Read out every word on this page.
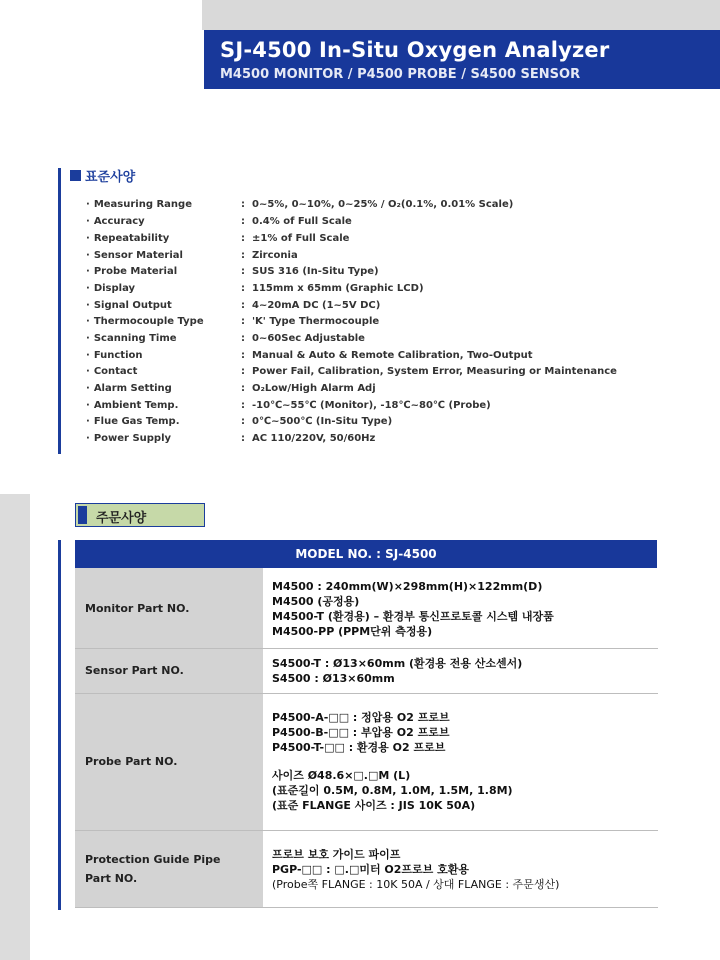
SJ-4500 In-Situ Oxygen Analyzer
M4500 MONITOR / P4500 PROBE / S4500 SENSOR
표준사양
· Measuring Range	: 0~5%, 0~10%, 0~25% / O₂(0.1%, 0.01% Scale)
· Accuracy	: 0.4% of Full Scale
· Repeatability	: ±1% of Full Scale
· Sensor Material	: Zirconia
· Probe Material	: SUS 316 (In-Situ Type)
· Display	: 115mm x 65mm (Graphic LCD)
· Signal Output	: 4~20mA DC (1~5V DC)
· Thermocouple Type	: 'K' Type Thermocouple
· Scanning Time	: 0~60Sec Adjustable
· Function	: Manual & Auto & Remote Calibration, Two-Output
· Contact	: Power Fail, Calibration, System Error, Measuring or Maintenance
· Alarm Setting	: O₂Low/High Alarm Adj
· Ambient Temp.	: -10℃~55℃ (Monitor), -18℃~80℃ (Probe)
· Flue Gas Temp.	: 0℃~500℃ (In-Situ Type)
· Power Supply	: AC 110/220V, 50/60Hz
주문사양
MODEL NO. : SJ-4500
Monitor Part NO.
M4500 : 240mm(W)×298mm(H)×122mm(D)
M4500 (공정용)
M4500-T (환경용) – 환경부 통신프로토콜 시스템 내장품
M4500-PP (PPM단위 측정용)
Sensor Part NO.
S4500-T : Ø13×60mm (환경용 전용 산소센서)
S4500 : Ø13×60mm
Probe Part NO.
P4500-A-□□ : 정압용 O2 프로브
P4500-B-□□ : 부압용 O2 프로브
P4500-T-□□ : 환경용 O2 프로브
사이즈 Ø48.6×□.□M (L)
(표준길이 0.5M, 0.8M, 1.0M, 1.5M, 1.8M)
(표준 FLANGE 사이즈 : JIS 10K 50A)
Protection Guide Pipe
Part NO.
프로브 보호 가이드 파이프
PGP-□□ : □.□미터 O2프로브 호환용
(Probe쪽 FLANGE : 10K 50A / 상대 FLANGE : 주문생산)
